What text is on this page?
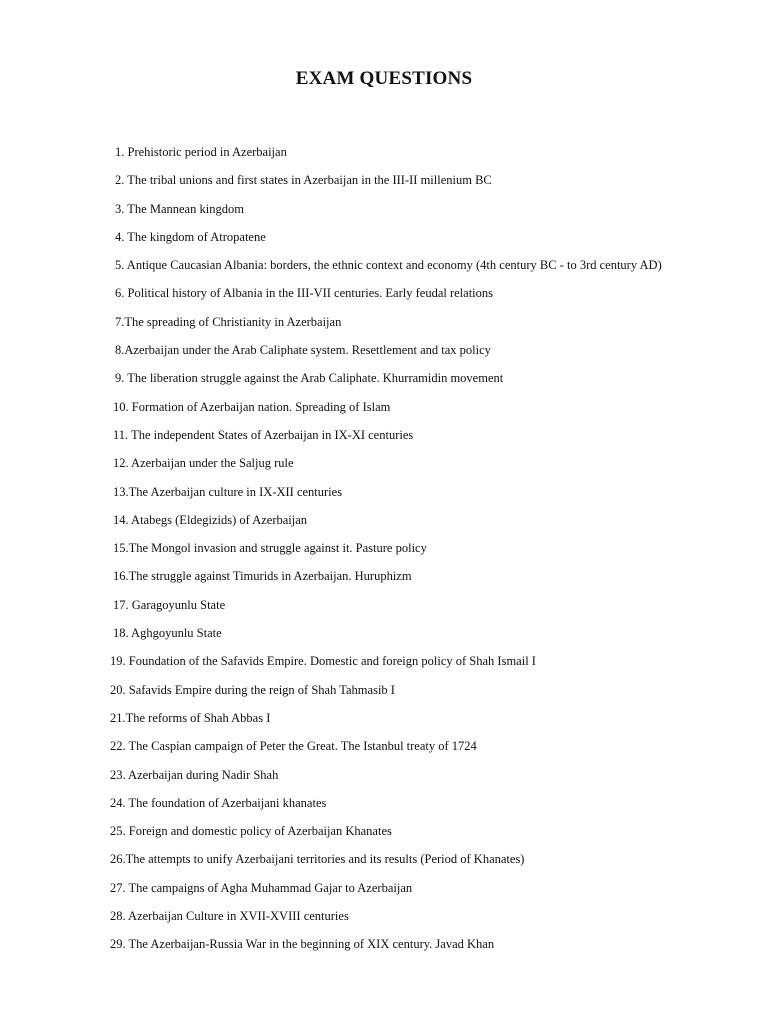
EXAM QUESTIONS
1. Prehistoric period in Azerbaijan
2. The tribal unions and first states in Azerbaijan in the III-II millenium BC
3. The Mannean kingdom
4. The kingdom of Atropatene
5. Antique Caucasian Albania: borders, the ethnic context and economy (4th century BC - to 3rd century AD)
6. Political history of Albania in the III-VII centuries. Early feudal relations
7.The spreading of Christianity in Azerbaijan
8.Azerbaijan under the Arab Caliphate system. Resettlement and tax policy
9. The liberation struggle against the Arab Caliphate. Khurramidin movement
10. Formation of Azerbaijan nation. Spreading of Islam
11. The independent States of Azerbaijan in IX-XI centuries
12. Azerbaijan under the Saljug rule
13.The Azerbaijan culture in IX-XII centuries
14. Atabegs (Eldegizids) of Azerbaijan
15.The Mongol invasion and struggle against it. Pasture policy
16.The struggle against Timurids in Azerbaijan. Huruphizm
17. Garagoyunlu State
18. Aghgoyunlu State
19. Foundation of the Safavids Empire. Domestic and foreign policy of Shah Ismail I
20. Safavids Empire during the reign of Shah Tahmasib I
21.The reforms of Shah Abbas I
22. The Caspian campaign of Peter the Great. The Istanbul treaty of 1724
23. Azerbaijan during Nadir Shah
24. The foundation of Azerbaijani khanates
25. Foreign and domestic policy of Azerbaijan Khanates
26.The attempts to unify Azerbaijani territories and its results (Period of Khanates)
27. The campaigns of Agha Muhammad Gajar to Azerbaijan
28. Azerbaijan Culture in XVII-XVIII centuries
29. The Azerbaijan-Russia War in the beginning of XIX century. Javad Khan
